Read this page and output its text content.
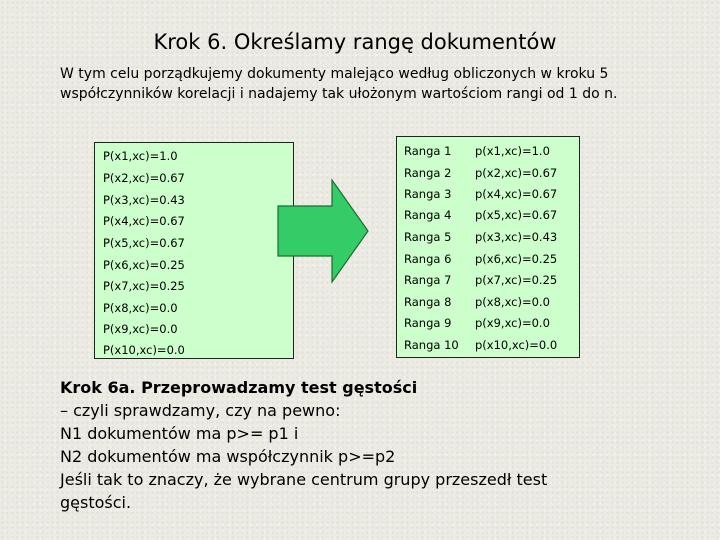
Krok 6. Określamy rangę dokumentów
W tym celu porządkujemy dokumenty malejąco według obliczonych w kroku 5 współczynników korelacji i nadajemy tak ułożonym wartościom rangi od 1 do n.
P(x1,xc)=1.0
P(x2,xc)=0.67
P(x3,xc)=0.43
P(x4,xc)=0.67
P(x5,xc)=0.67
P(x6,xc)=0.25
P(x7,xc)=0.25
P(x8,xc)=0.0
P(x9,xc)=0.0
P(x10,xc)=0.0
Ranga 1 p(x1,xc)=1.0
Ranga 2 p(x2,xc)=0.67
Ranga 3 p(x4,xc)=0.67
Ranga 4 p(x5,xc)=0.67
Ranga 5 p(x3,xc)=0.43
Ranga 6 p(x6,xc)=0.25
Ranga 7 p(x7,xc)=0.25
Ranga 8 p(x8,xc)=0.0
Ranga 9 p(x9,xc)=0.0
Ranga 10 p(x10,xc)=0.0
Krok 6a. Przeprowadzamy test gęstości
– czyli sprawdzamy, czy na pewno:
N1 dokumentów ma p>= p1 i
N2 dokumentów ma współczynnik p>=p2
Jeśli tak to znaczy, że wybrane centrum grupy przeszedł test
gęstości.
